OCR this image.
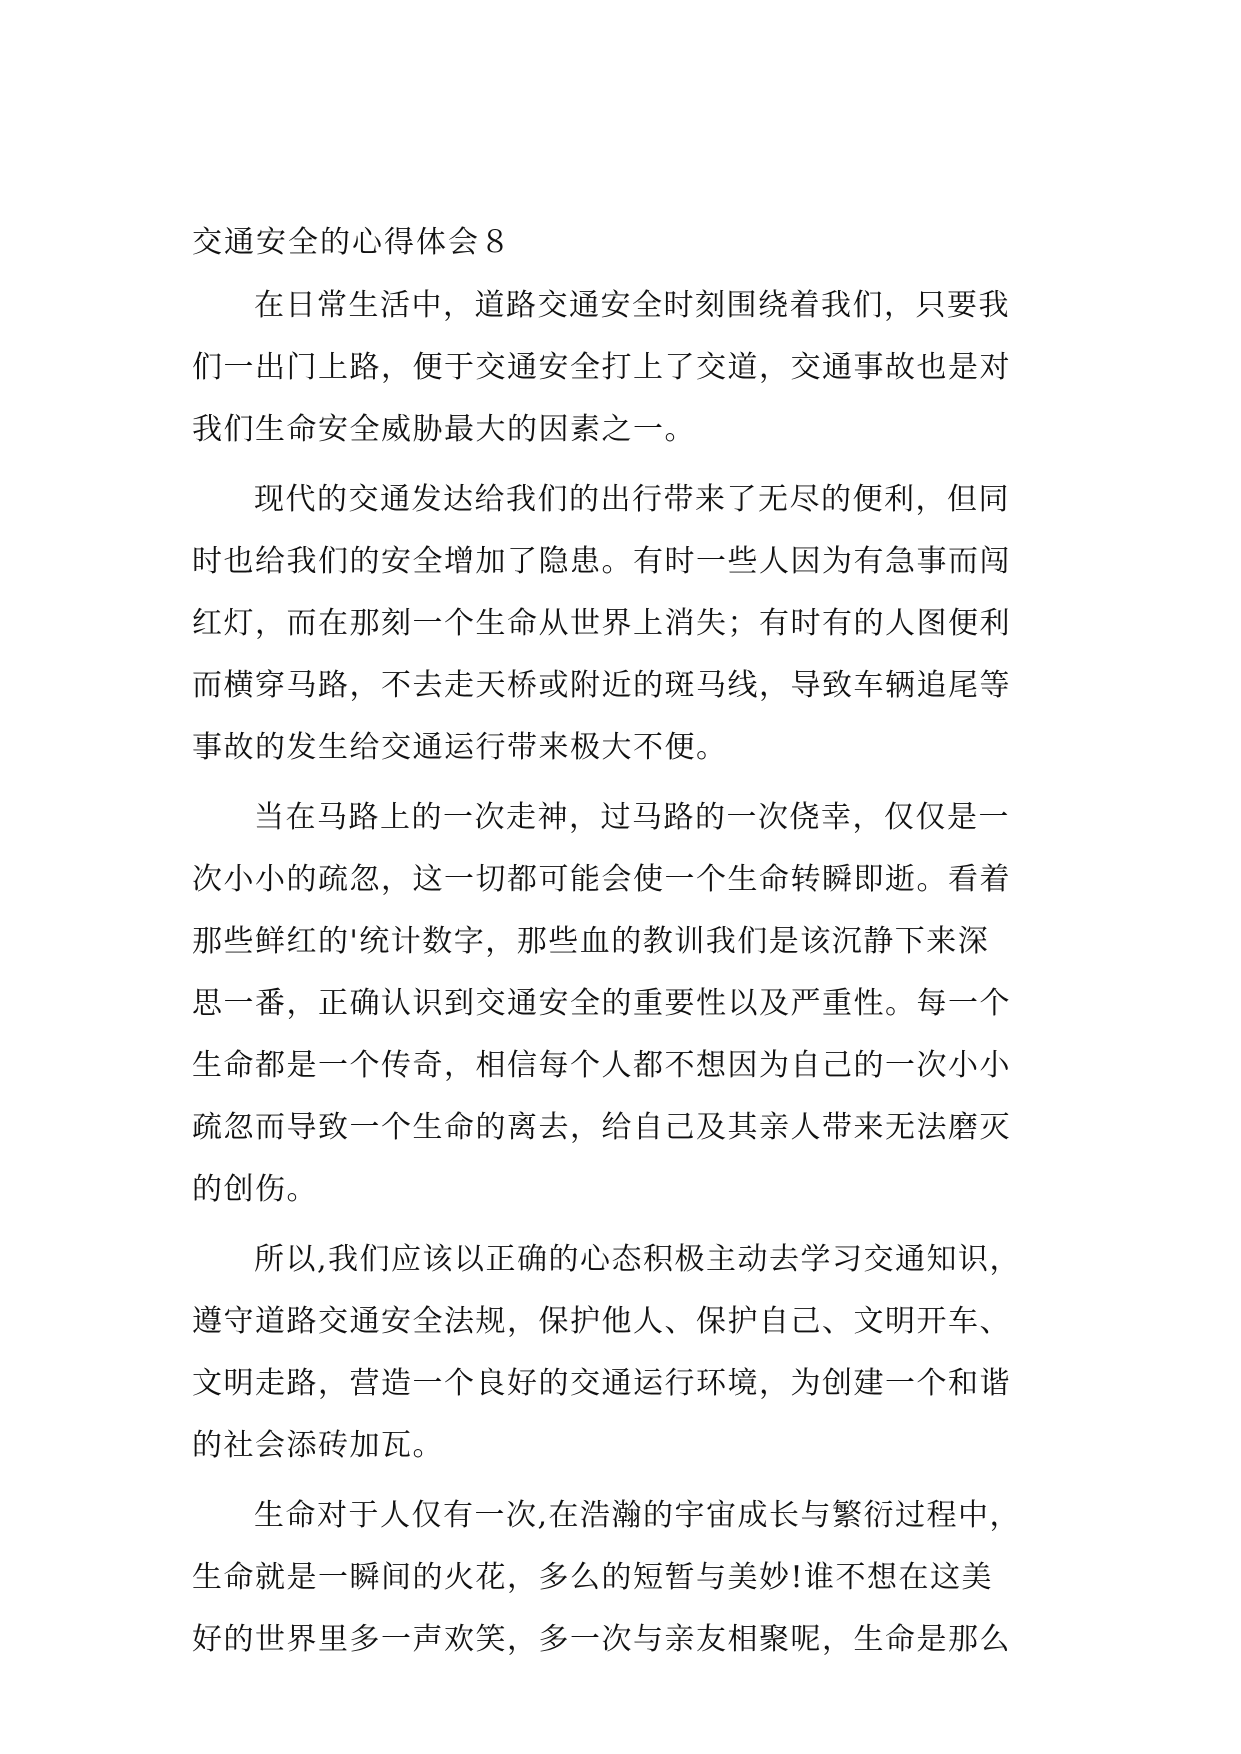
交通安全的心得体会８

在日常生活中，道路交通安全时刻围绕着我们，只要我
们一出门上路，便于交通安全打上了交道，交通事故也是对
我们生命安全威胁最大的因素之一。

现代的交通发达给我们的出行带来了无尽的便利，但同
时也给我们的安全增加了隐患。有时一些人因为有急事而闯
红灯，而在那刻一个生命从世界上消失；有时有的人图便利
而横穿马路，不去走天桥或附近的斑马线，导致车辆追尾等
事故的发生给交通运行带来极大不便。

当在马路上的一次走神，过马路的一次侥幸，仅仅是一
次小小的疏忽，这一切都可能会使一个生命转瞬即逝。看着
那些鲜红的'统计数字，那些血的教训我们是该沉静下来深
思一番，正确认识到交通安全的重要性以及严重性。每一个
生命都是一个传奇，相信每个人都不想因为自己的一次小小
疏忽而导致一个生命的离去，给自己及其亲人带来无法磨灭
的创伤。

所以,我们应该以正确的心态积极主动去学习交通知识，
遵守道路交通安全法规，保护他人、保护自己、文明开车、
文明走路，营造一个良好的交通运行环境，为创建一个和谐
的社会添砖加瓦。

生命对于人仅有一次,在浩瀚的宇宙成长与繁衍过程中，
生命就是一瞬间的火花，多么的短暂与美妙!谁不想在这美
好的世界里多一声欢笑，多一次与亲友相聚呢，生命是那么
